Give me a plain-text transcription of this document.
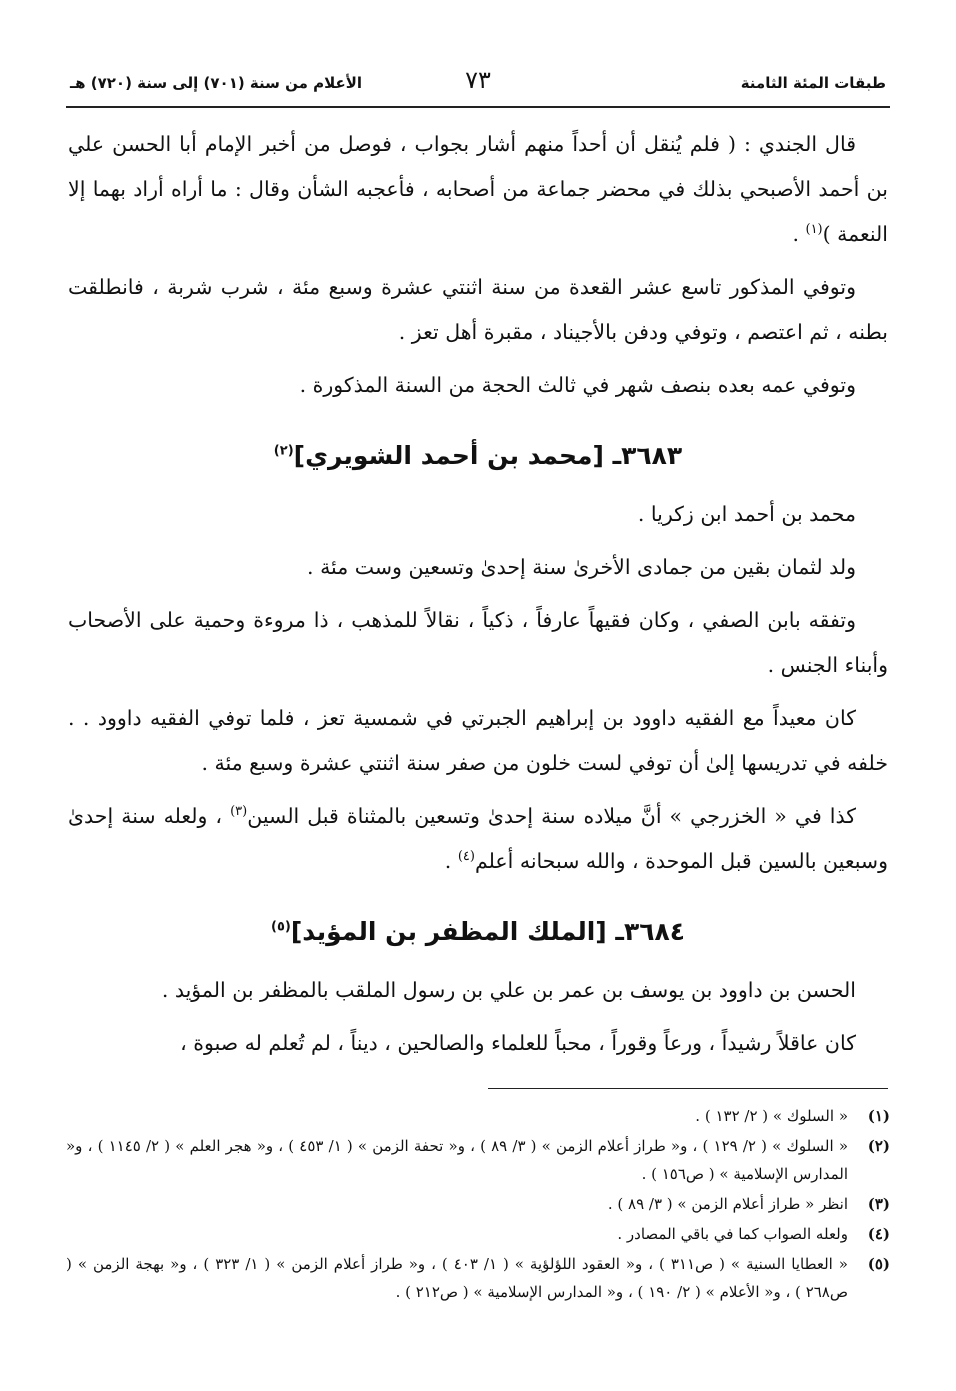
طبقات المئة الثامنة
٧٣
الأعلام من سنة (٧٠١) إلى سنة (٧٢٠) هـ

قال الجندي : ( فلم يُنقل أن أحداً منهم أشار بجواب ، فوصل من أخبر الإمام أبا الحسن علي بن أحمد الأصبحي بذلك في محضر جماعة من أصحابه ، فأعجبه الشأن وقال : ما أراه أراد بهما إلا النعمة )$^{(١)}$ .

وتوفي المذكور تاسع عشر القعدة من سنة اثنتي عشرة وسبع مئة ، شرب شربة ، فانطلقت بطنه ، ثم اعتصم ، وتوفي ودفن بالأجيناد ، مقبرة أهل تعز .

وتوفي عمه بعده بنصف شهر في ثالث الحجة من السنة المذكورة .

٣٦٨٣ـ [محمد بن أحمد الشويري]$^{(٢)}$

محمد بن أحمد ابن زكريا .

ولد لثمان بقين من جمادى الأخرىٰ سنة إحدىٰ وتسعين وست مئة .

وتفقه بابن الصفي ، وكان فقيهاً عارفاً ، ذكياً ، نقالاً للمذهب ، ذا مروءة وحمية على الأصحاب وأبناء الجنس .

كان معيداً مع الفقيه داوود بن إبراهيم الجبرتي في شمسية تعز ، فلما توفي الفقيه داوود . . خلفه في تدريسها إلىٰ أن توفي لست خلون من صفر سنة اثنتي عشرة وسبع مئة .

كذا في « الخزرجي » أنَّ ميلاده سنة إحدىٰ وتسعين بالمثناة قبل السين$^{(٣)}$ ، ولعله سنة إحدىٰ وسبعين بالسين قبل الموحدة ، والله سبحانه أعلم$^{(٤)}$ .

٣٦٨٤ـ [الملك المظفر بن المؤيد]$^{(٥)}$

الحسن بن داوود بن يوسف بن عمر بن علي بن رسول الملقب بالمظفر بن المؤيد .

كان عاقلاً رشيداً ، ورعاً وقوراً ، محباً للعلماء والصالحين ، ديناً ، لم تُعلم له صبوة ،

(١)
« السلوك » ( ٢/ ١٣٢ ) .
(٢)
« السلوك » ( ٢/ ١٢٩ ) ، و« طراز أعلام الزمن » ( ٣/ ٨٩ ) ، و« تحفة الزمن » ( ١/ ٤٥٣ ) ، و« هجر العلم » ( ٢/ ١١٤٥ ) ، و« المدارس الإسلامية » ( ص١٥٦ ) .
(٣)
انظر « طراز أعلام الزمن » ( ٣/ ٨٩ ) .
(٤)
ولعله الصواب كما في باقي المصادر .
(٥)
« العطايا السنية » ( ص٣١١ ) ، و« العقود اللؤلؤية » ( ١/ ٤٠٣ ) ، و« طراز أعلام الزمن » ( ١/ ٣٢٣ ) ، و« بهجة الزمن » ( ص٢٦٨ ) ، و« الأعلام » ( ٢/ ١٩٠ ) ، و« المدارس الإسلامية » ( ص٢١٢ ) .
